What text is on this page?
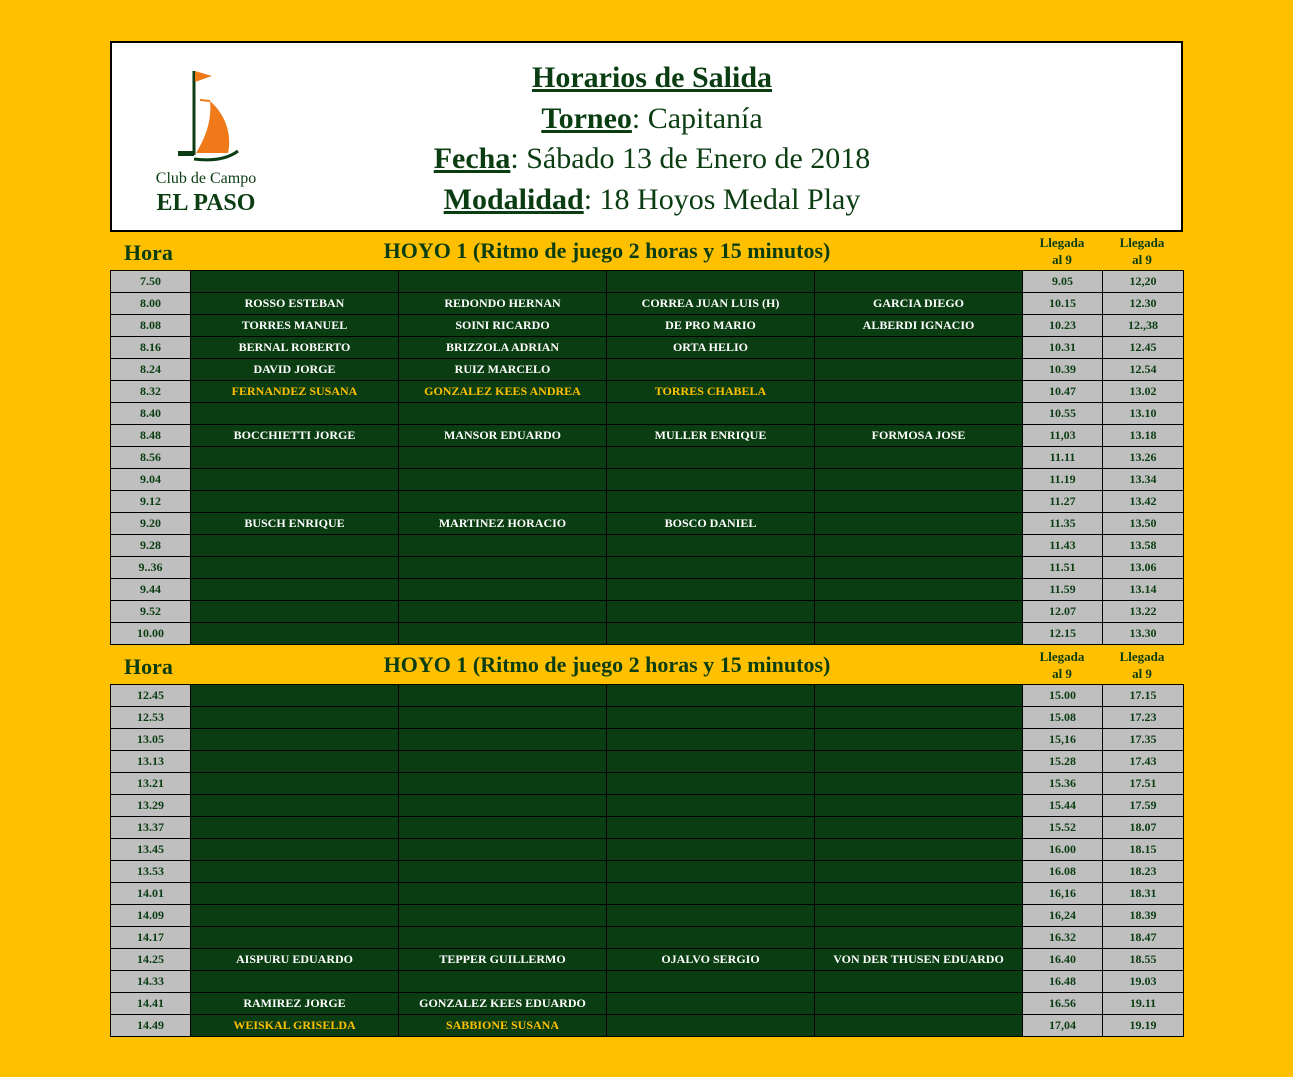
Club de Campo
EL PASO
Horarios de Salida
Torneo: Capitanía
Fecha: Sábado 13 de Enero de 2018
Modalidad: 18 Hoyos Medal Play
Hora	HOYO 1 (Ritmo de juego 2 horas y 15 minutos)	Llegada
al 9
Llegada
al 9
7.50					9.05	12,20
8.00	ROSSO ESTEBAN	REDONDO HERNAN	CORREA JUAN LUIS (H)	GARCIA DIEGO	10.15	12.30
8.08	TORRES MANUEL	SOINI RICARDO	DE PRO MARIO	ALBERDI IGNACIO	10.23	12.,38
8.16	BERNAL ROBERTO	BRIZZOLA ADRIAN	ORTA HELIO		10.31	12.45
8.24	DAVID JORGE	RUIZ MARCELO			10.39	12.54
8.32	FERNANDEZ SUSANA	GONZALEZ KEES ANDREA	TORRES CHABELA		10.47	13.02
8.40					10.55	13.10
8.48	BOCCHIETTI JORGE	MANSOR EDUARDO	MULLER ENRIQUE	FORMOSA JOSE	11,03	13.18
8.56					11.11	13.26
9.04					11.19	13.34
9.12					11.27	13.42
9.20	BUSCH ENRIQUE	MARTINEZ HORACIO	BOSCO DANIEL		11.35	13.50
9.28					11.43	13.58
9..36					11.51	13.06
9.44					11.59	13.14
9.52					12.07	13.22
10.00					12.15	13.30
Hora	HOYO 1 (Ritmo de juego 2 horas y 15 minutos)	Llegada
al 9
Llegada
al 9
12.45					15.00	17.15
12.53					15.08	17.23
13.05					15,16	17.35
13.13					15.28	17.43
13.21					15.36	17.51
13.29					15.44	17.59
13.37					15.52	18.07
13.45					16.00	18.15
13.53					16.08	18.23
14.01					16,16	18.31
14.09					16,24	18.39
14.17					16.32	18.47
14.25	AISPURU EDUARDO	TEPPER GUILLERMO	OJALVO SERGIO	VON DER THUSEN EDUARDO	16.40	18.55
14.33					16.48	19.03
14.41	RAMIREZ JORGE	GONZALEZ KEES EDUARDO			16.56	19.11
14.49	WEISKAL GRISELDA	SABBIONE SUSANA			17,04	19.19
